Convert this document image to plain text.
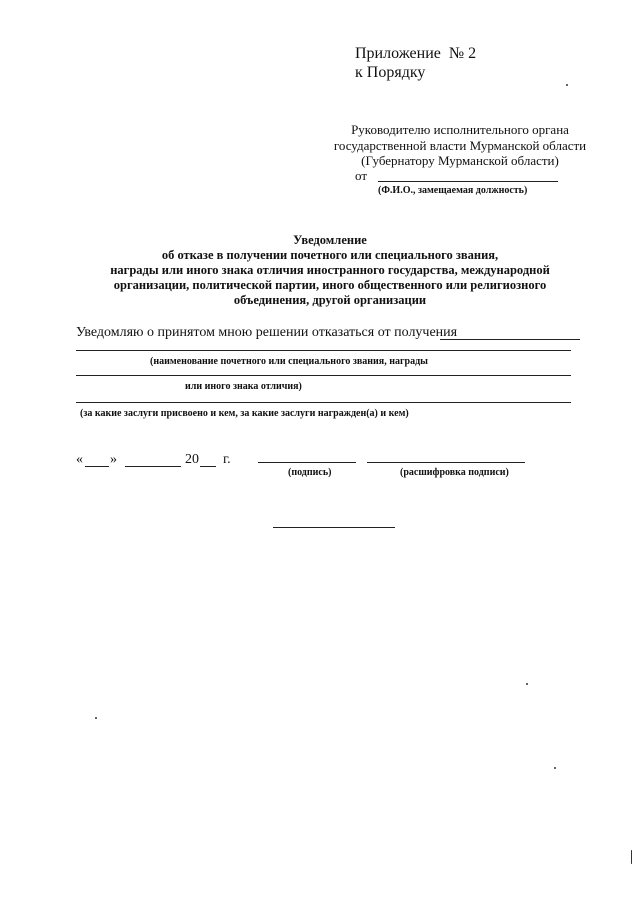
Приложение  № 2
к Порядку
Руководителю исполнительного органа
государственной власти Мурманской области
(Губернатору Мурманской области)
от
(Ф.И.О., замещаемая должность)
Уведомление
об отказе в получении почетного или специального звания,
награды или иного знака отличия иностранного государства, международной
организации, политической партии, иного общественного или религиозного
объединения, другой организации
Уведомляю о принятом мною решении отказаться от получения
(наименование почетного или специального звания, награды
или иного знака отличия)
(за какие заслуги присвоено и кем, за какие заслуги награжден(а) и кем)
« »	20 г.
(подпись)	(расшифровка подписи)
